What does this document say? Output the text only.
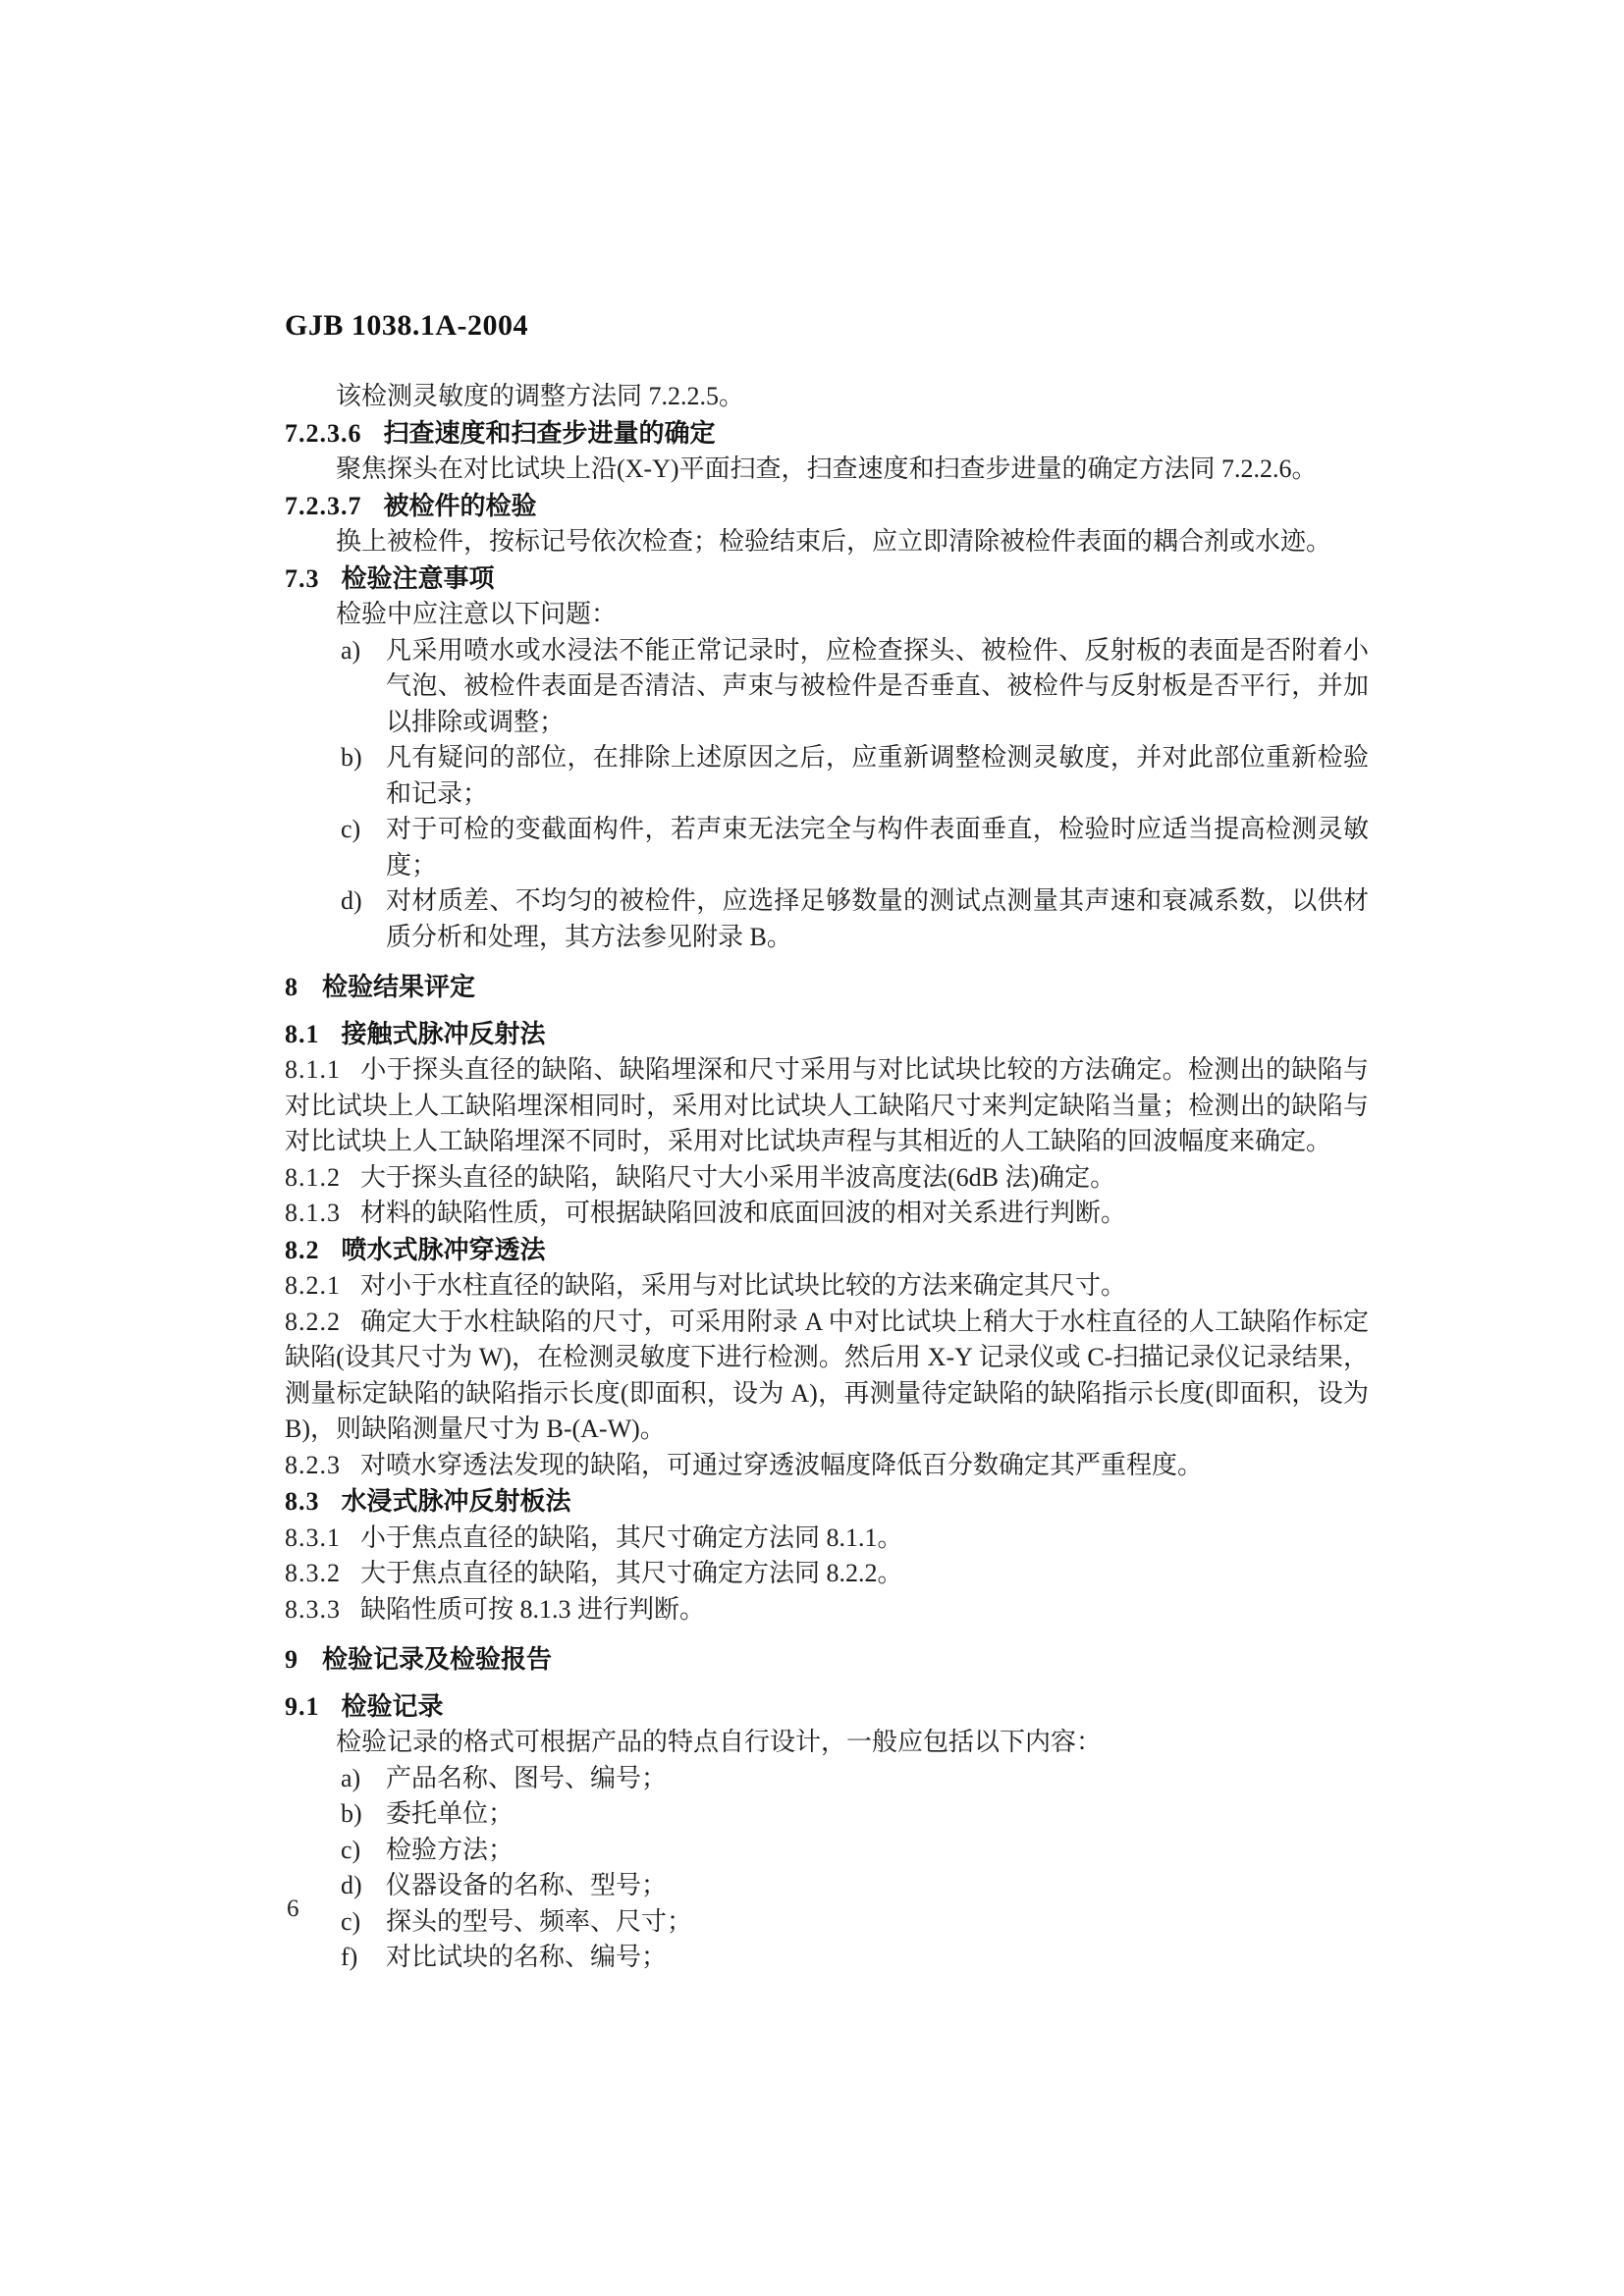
GJB 1038.1A-2004

该检测灵敏度的调整方法同 7.2.2.5。

7.2.3.6 扫查速度和扫查步进量的确定

聚焦探头在对比试块上沿(X-Y)平面扫查，扫查速度和扫查步进量的确定方法同 7.2.2.6。

7.2.3.7 被检件的检验

换上被检件，按标记号依次检查；检验结束后，应立即清除被检件表面的耦合剂或水迹。

7.3 检验注意事项

检验中应注意以下问题：

a) 凡采用喷水或水浸法不能正常记录时，应检查探头、被检件、反射板的表面是否附着小气泡、被检件表面是否清洁、声束与被检件是否垂直、被检件与反射板是否平行，并加以排除或调整；
b) 凡有疑问的部位，在排除上述原因之后，应重新调整检测灵敏度，并对此部位重新检验和记录；
c) 对于可检的变截面构件，若声束无法完全与构件表面垂直，检验时应适当提高检测灵敏度；
d) 对材质差、不均匀的被检件，应选择足够数量的测试点测量其声速和衰减系数，以供材质分析和处理，其方法参见附录 B。

8 检验结果评定

8.1 接触式脉冲反射法

8.1.1 小于探头直径的缺陷、缺陷埋深和尺寸采用与对比试块比较的方法确定。检测出的缺陷与对比试块上人工缺陷埋深相同时，采用对比试块人工缺陷尺寸来判定缺陷当量；检测出的缺陷与对比试块上人工缺陷埋深不同时，采用对比试块声程与其相近的人工缺陷的回波幅度来确定。

8.1.2 大于探头直径的缺陷，缺陷尺寸大小采用半波高度法(6dB 法)确定。

8.1.3 材料的缺陷性质，可根据缺陷回波和底面回波的相对关系进行判断。

8.2 喷水式脉冲穿透法

8.2.1 对小于水柱直径的缺陷，采用与对比试块比较的方法来确定其尺寸。

8.2.2 确定大于水柱缺陷的尺寸，可采用附录 A 中对比试块上稍大于水柱直径的人工缺陷作标定缺陷(设其尺寸为 W)，在检测灵敏度下进行检测。然后用 X-Y 记录仪或 C-扫描记录仪记录结果，测量标定缺陷的缺陷指示长度(即面积，设为 A)，再测量待定缺陷的缺陷指示长度(即面积，设为 B)，则缺陷测量尺寸为 B-(A-W)。

8.2.3 对喷水穿透法发现的缺陷，可通过穿透波幅度降低百分数确定其严重程度。

8.3 水浸式脉冲反射板法

8.3.1 小于焦点直径的缺陷，其尺寸确定方法同 8.1.1。

8.3.2 大于焦点直径的缺陷，其尺寸确定方法同 8.2.2。

8.3.3 缺陷性质可按 8.1.3 进行判断。

9 检验记录及检验报告

9.1 检验记录

检验记录的格式可根据产品的特点自行设计，一般应包括以下内容：

a) 产品名称、图号、编号；
b) 委托单位；
c) 检验方法；
d) 仪器设备的名称、型号；
c) 探头的型号、频率、尺寸；
f)	对比试块的名称、编号；
6
